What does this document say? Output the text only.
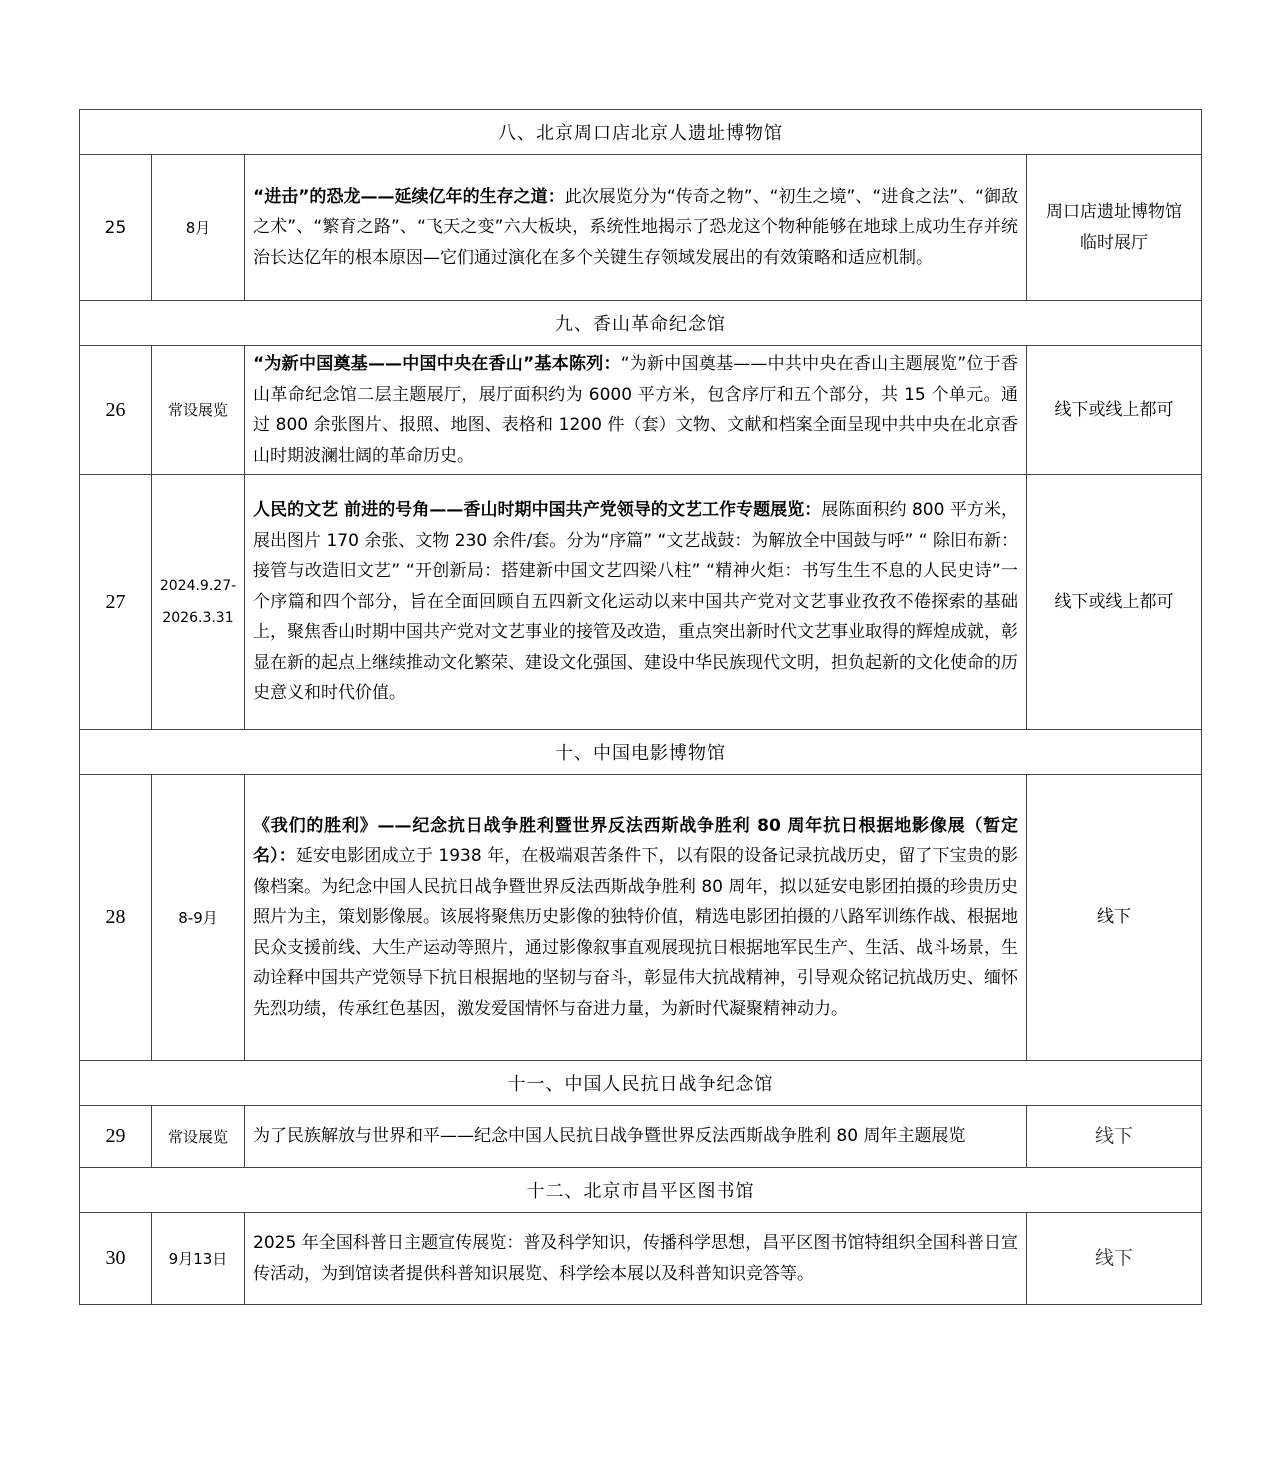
八、北京周口店北京人遗址博物馆			
25	8月	“进击”的恐龙——延续亿年的生存之道：此次展览分为“传奇之物”、“初生之境”、“进食之法”、“御敌之术”、“繁育之路”、“飞天之变”六大板块，系统性地揭示了恐龙这个物种能够在地球上成功生存并统治长达亿年的根本原因—它们通过演化在多个关键生存领域发展出的有效策略和适应机制。	周口店遗址博物馆
临时展厅

九、香山革命纪念馆			
26	常设展览	“为新中国奠基——中国中央在香山”基本陈列：“为新中国奠基——中共中央在香山主题展览”位于香山革命纪念馆二层主题展厅，展厅面积约为 6000 平方米，包含序厅和五个部分，共 15 个单元。通过 800 余张图片、报照、地图、表格和 1200 件（套）文物、文献和档案全面呈现中共中央在北京香山时期波澜壮阔的革命历史。	线下或线上都可
27	2024.9.27-2026.3.31	人民的文艺 前进的号角——香山时期中国共产党领导的文艺工作专题展览：展陈面积约 800 平方米，展出图片 170 余张、文物 230 余件/套。分为“序篇” “文艺战鼓：为解放全中国鼓与呼” “ 除旧布新：接管与改造旧文艺” “开创新局：搭建新中国文艺四梁八柱” “精神火炬：书写生生不息的人民史诗”一个序篇和四个部分，旨在全面回顾自五四新文化运动以来中国共产党对文艺事业孜孜不倦探索的基础上，聚焦香山时期中国共产党对文艺事业的接管及改造，重点突出新时代文艺事业取得的辉煌成就，彰显在新的起点上继续推动文化繁荣、建设文化强国、建设中华民族现代文明，担负起新的文化使命的历史意义和时代价值。	线下或线上都可
十、中国电影博物馆			
28	8-9月	《我们的胜利》——纪念抗日战争胜利暨世界反法西斯战争胜利 80 周年抗日根据地影像展（暂定名）：延安电影团成立于 1938 年，在极端艰苦条件下，以有限的设备记录抗战历史，留了下宝贵的影像档案。为纪念中国人民抗日战争暨世界反法西斯战争胜利 80 周年，拟以延安电影团拍摄的珍贵历史照片为主，策划影像展。该展将聚焦历史影像的独特价值，精选电影团拍摄的八路军训练作战、根据地民众支援前线、大生产运动等照片，通过影像叙事直观展现抗日根据地军民生产、生活、战斗场景，生动诠释中国共产党领导下抗日根据地的坚韧与奋斗，彰显伟大抗战精神，引导观众铭记抗战历史、缅怀先烈功绩，传承红色基因，激发爱国情怀与奋进力量，为新时代凝聚精神动力。	线下
十一、中国人民抗日战争纪念馆			
29	常设展览	为了民族解放与世界和平——纪念中国人民抗日战争暨世界反法西斯战争胜利 80 周年主题展览	线下
十二、北京市昌平区图书馆			
30	9月13日	2025 年全国科普日主题宣传展览：普及科学知识，传播科学思想，昌平区图书馆特组织全国科普日宣传活动，为到馆读者提供科普知识展览、科学绘本展以及科普知识竞答等。	线下
